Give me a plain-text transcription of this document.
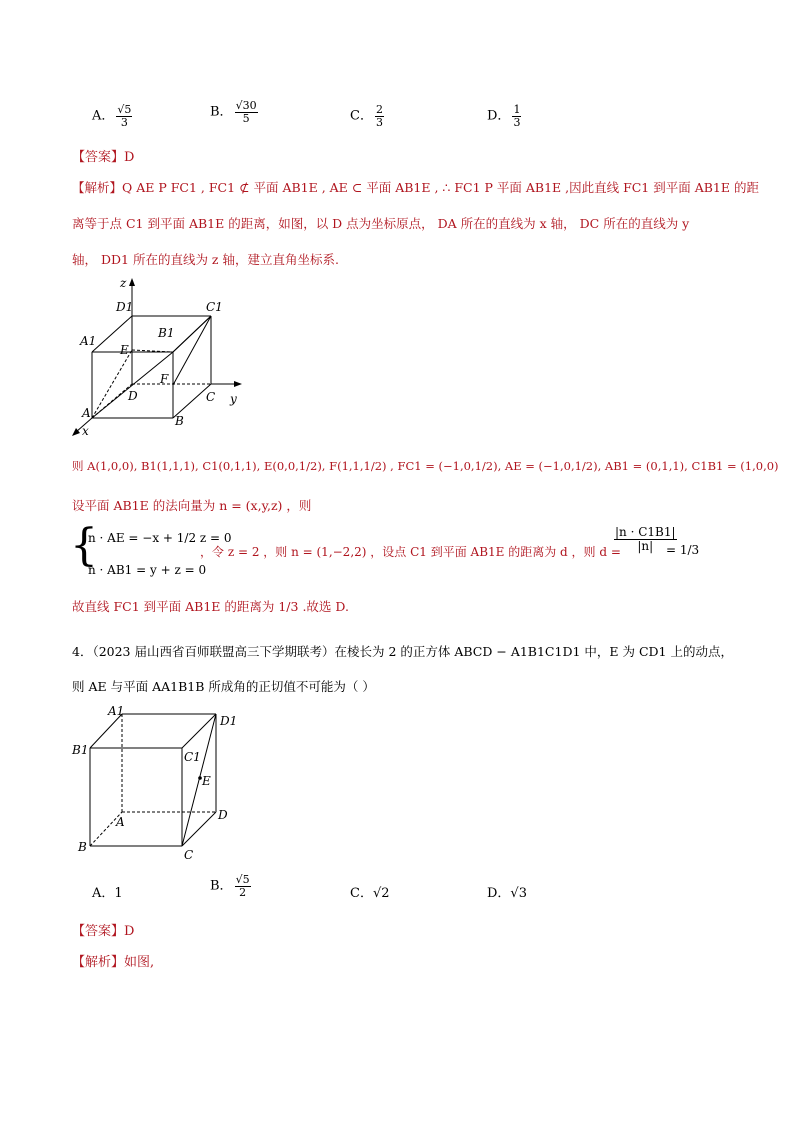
A． $\frac{√5}{3}$	B． $\frac{√30}{5}$	C． $\frac{2}{3}$	D． $\frac{1}{3}$
【答案】D
【解析】Q AE P FC1 , FC1 ⊄ 平面 AB1E , AE ⊂ 平面 AB1E , ∴ FC1 P 平面 AB1E ,因此直线 FC1 到平面 AB1E 的距
离等于点 C1 到平面 AB1E 的距离，如图，以 D 点为坐标原点， DA 所在的直线为 x 轴， DC 所在的直线为 y
轴， DD1 所在的直线为 z 轴，建立直角坐标系.
z
D1	C1
A1
B1
E
F
D	C y
A
B
x
则 A(1,0,0), B1(1,1,1), C1(0,1,1), E(0,0,1/2), F(1,1,1/2) , FC1 = (−1,0,1/2), AE = (−1,0,1/2), AB1 = (0,1,1), C1B1 = (1,0,0)
设平面 AB1E 的法向量为 n = (x,y,z) ，则
{
n · AE = −x + 1/2 z = 0
n · AB1 = y + z = 0
，令 z = 2 ，则 n = (1,−2,2) ，设点 C1 到平面 AB1E 的距离为 d ，则 d =
$\frac{|n \cdot C1B1|}{|n|}$
= 1/3
故直线 FC1 到平面 AB1E 的距离为 1/3 .故选 D.
4．（2023 届山西省百师联盟高三下学期联考）在棱长为 2 的正方体 ABCD − A1B1C1D1 中，E 为 CD1 上的动点，
则 AE 与平面 AA1B1B 所成角的正切值不可能为（ ）
A1
D1
B1	C1
E
A	D
B
C
A．1	B． $\frac{√5}{2}$	C．√2	D．√3
【答案】D
【解析】如图,
